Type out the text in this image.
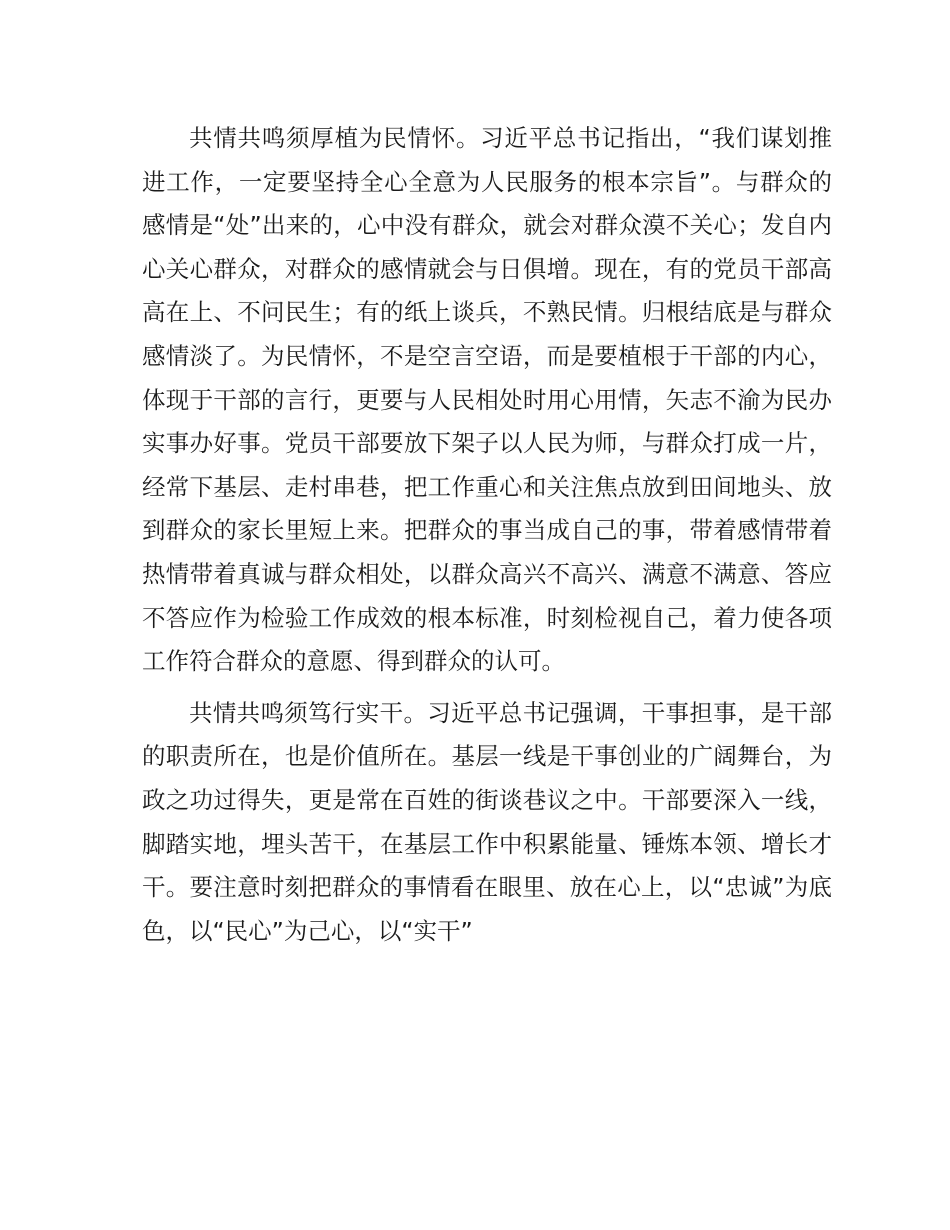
共情共鸣须厚植为民情怀。习近平总书记指出，“我们谋划推进工作，一定要坚持全心全意为人民服务的根本宗旨”。与群众的感情是“处”出来的，心中没有群众，就会对群众漠不关心；发自内心关心群众，对群众的感情就会与日俱增。现在，有的党员干部高高在上、不问民生；有的纸上谈兵，不熟民情。归根结底是与群众感情淡了。为民情怀，不是空言空语，而是要植根于干部的内心，体现于干部的言行，更要与人民相处时用心用情，矢志不渝为民办实事办好事。党员干部要放下架子以人民为师，与群众打成一片，经常下基层、走村串巷，把工作重心和关注焦点放到田间地头、放到群众的家长里短上来。把群众的事当成自己的事，带着感情带着热情带着真诚与群众相处，以群众高兴不高兴、满意不满意、答应不答应作为检验工作成效的根本标准，时刻检视自己，着力使各项工作符合群众的意愿、得到群众的认可。

共情共鸣须笃行实干。习近平总书记强调，干事担事，是干部的职责所在，也是价值所在。基层一线是干事创业的广阔舞台，为政之功过得失，更是常在百姓的街谈巷议之中。干部要深入一线，脚踏实地，埋头苦干，在基层工作中积累能量、锤炼本领、增长才干。要注意时刻把群众的事情看在眼里、放在心上，以“忠诚”为底色，以“民心”为己心，以“实干”
